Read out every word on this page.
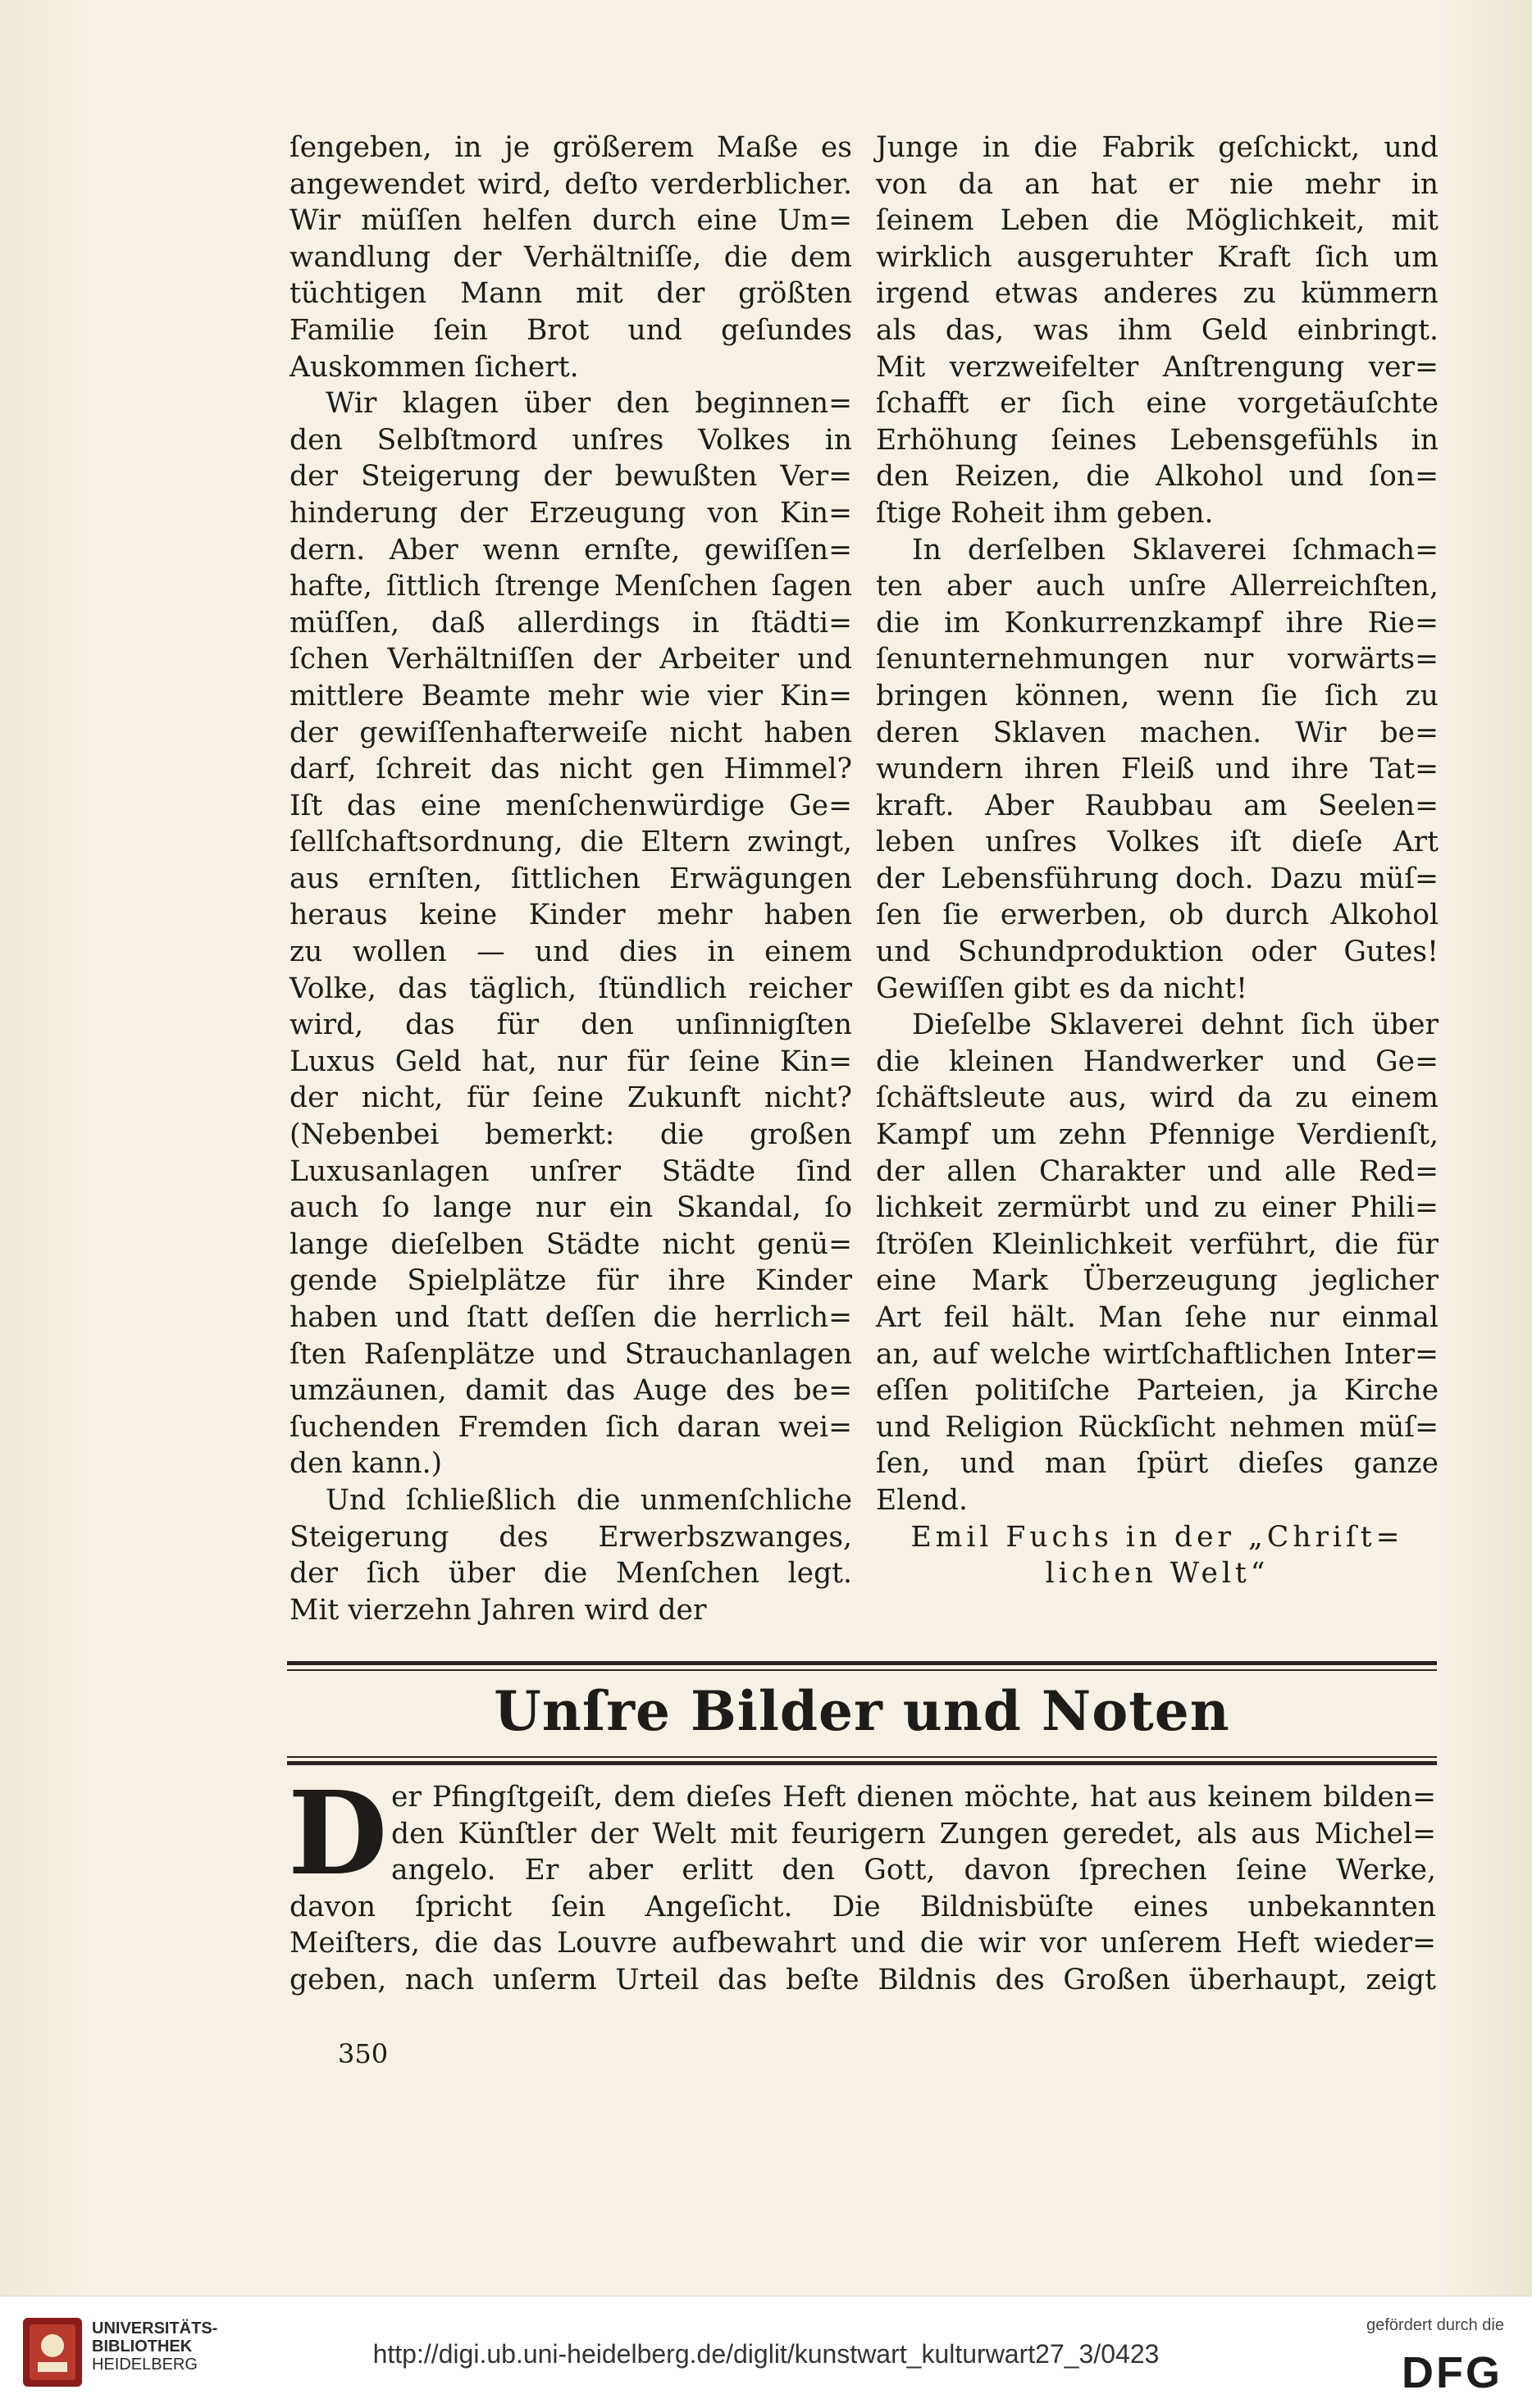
ſengeben, in je größerem Maße es
angewendet wird, deſto verderblicher.
Wir müſſen helfen durch eine Um=
wandlung der Verhältniſſe, die dem
tüchtigen Mann mit der größten
Familie ſein Brot und geſundes
Auskommen ſichert.
Wir klagen über den beginnen=
den Selbſtmord unſres Volkes in
der Steigerung der bewußten Ver=
hinderung der Erzeugung von Kin=
dern. Aber wenn ernſte, gewiſſen=
hafte, ſittlich ſtrenge Menſchen ſagen
müſſen, daß allerdings in ſtädti=
ſchen Verhältniſſen der Arbeiter und
mittlere Beamte mehr wie vier Kin=
der gewiſſenhafterweiſe nicht haben
darf, ſchreit das nicht gen Himmel?
Iſt das eine menſchenwürdige Ge=
ſellſchaftsordnung, die Eltern zwingt,
aus ernſten, ſittlichen Erwägungen
heraus keine Kinder mehr haben
zu wollen — und dies in einem
Volke, das täglich, ſtündlich reicher
wird, das für den unſinnigſten
Luxus Geld hat, nur für ſeine Kin=
der nicht, für ſeine Zukunft nicht?
(Nebenbei bemerkt: die großen
Luxusanlagen unſrer Städte ſind
auch ſo lange nur ein Skandal, ſo
lange dieſelben Städte nicht genü=
gende Spielplätze für ihre Kinder
haben und ſtatt deſſen die herrlich=
ſten Raſenplätze und Strauchanlagen
umzäunen, damit das Auge des be=
ſuchenden Fremden ſich daran wei=
den kann.)
Und ſchließlich die unmenſchliche
Steigerung des Erwerbszwanges,
der ſich über die Menſchen legt.
Mit vierzehn Jahren wird der
Junge in die Fabrik geſchickt, und
von da an hat er nie mehr in
ſeinem Leben die Möglichkeit, mit
wirklich ausgeruhter Kraft ſich um
irgend etwas anderes zu kümmern
als das, was ihm Geld einbringt.
Mit verzweifelter Anſtrengung ver=
ſchafft er ſich eine vorgetäuſchte
Erhöhung ſeines Lebensgefühls in
den Reizen, die Alkohol und ſon=
ſtige Roheit ihm geben.
In derſelben Sklaverei ſchmach=
ten aber auch unſre Allerreichſten,
die im Konkurrenzkampf ihre Rie=
ſenunternehmungen nur vorwärts=
bringen können, wenn ſie ſich zu
deren Sklaven machen. Wir be=
wundern ihren Fleiß und ihre Tat=
kraft. Aber Raubbau am Seelen=
leben unſres Volkes iſt dieſe Art
der Lebensführung doch. Dazu müſ=
ſen ſie erwerben, ob durch Alkohol
und Schundproduktion oder Gutes!
Gewiſſen gibt es da nicht!
Dieſelbe Sklaverei dehnt ſich über
die kleinen Handwerker und Ge=
ſchäftsleute aus, wird da zu einem
Kampf um zehn Pfennige Verdienſt,
der allen Charakter und alle Red=
lichkeit zermürbt und zu einer Phili=
ſtröſen Kleinlichkeit verführt, die für
eine Mark Überzeugung jeglicher
Art feil hält. Man ſehe nur einmal
an, auf welche wirtſchaftlichen Inter=
eſſen politiſche Parteien, ja Kirche
und Religion Rückſicht nehmen müſ=
ſen, und man ſpürt dieſes ganze
Elend.
Emil Fuchs in der „Chriſt=
lichen Welt“
Unſre Bilder und Noten
D er Pfingſtgeiſt, dem dieſes Heft dienen möchte, hat aus keinem bilden=
den Künſtler der Welt mit feurigern Zungen geredet, als aus Michel=
angelo. Er aber erlitt den Gott, davon ſprechen ſeine Werke,
davon ſpricht ſein Angeſicht. Die Bildnisbüſte eines unbekannten
Meiſters, die das Louvre aufbewahrt und die wir vor unſerem Heft wieder=
geben, nach unſerm Urteil das beſte Bildnis des Großen überhaupt, zeigt
350
UNIVERSITÄTS-
BIBLIOTHEK
HEIDELBERG	http://digi.ub.uni-heidelberg.de/diglit/kunstwart_kulturwart27_3/0423
gefördert durch die
DFG
